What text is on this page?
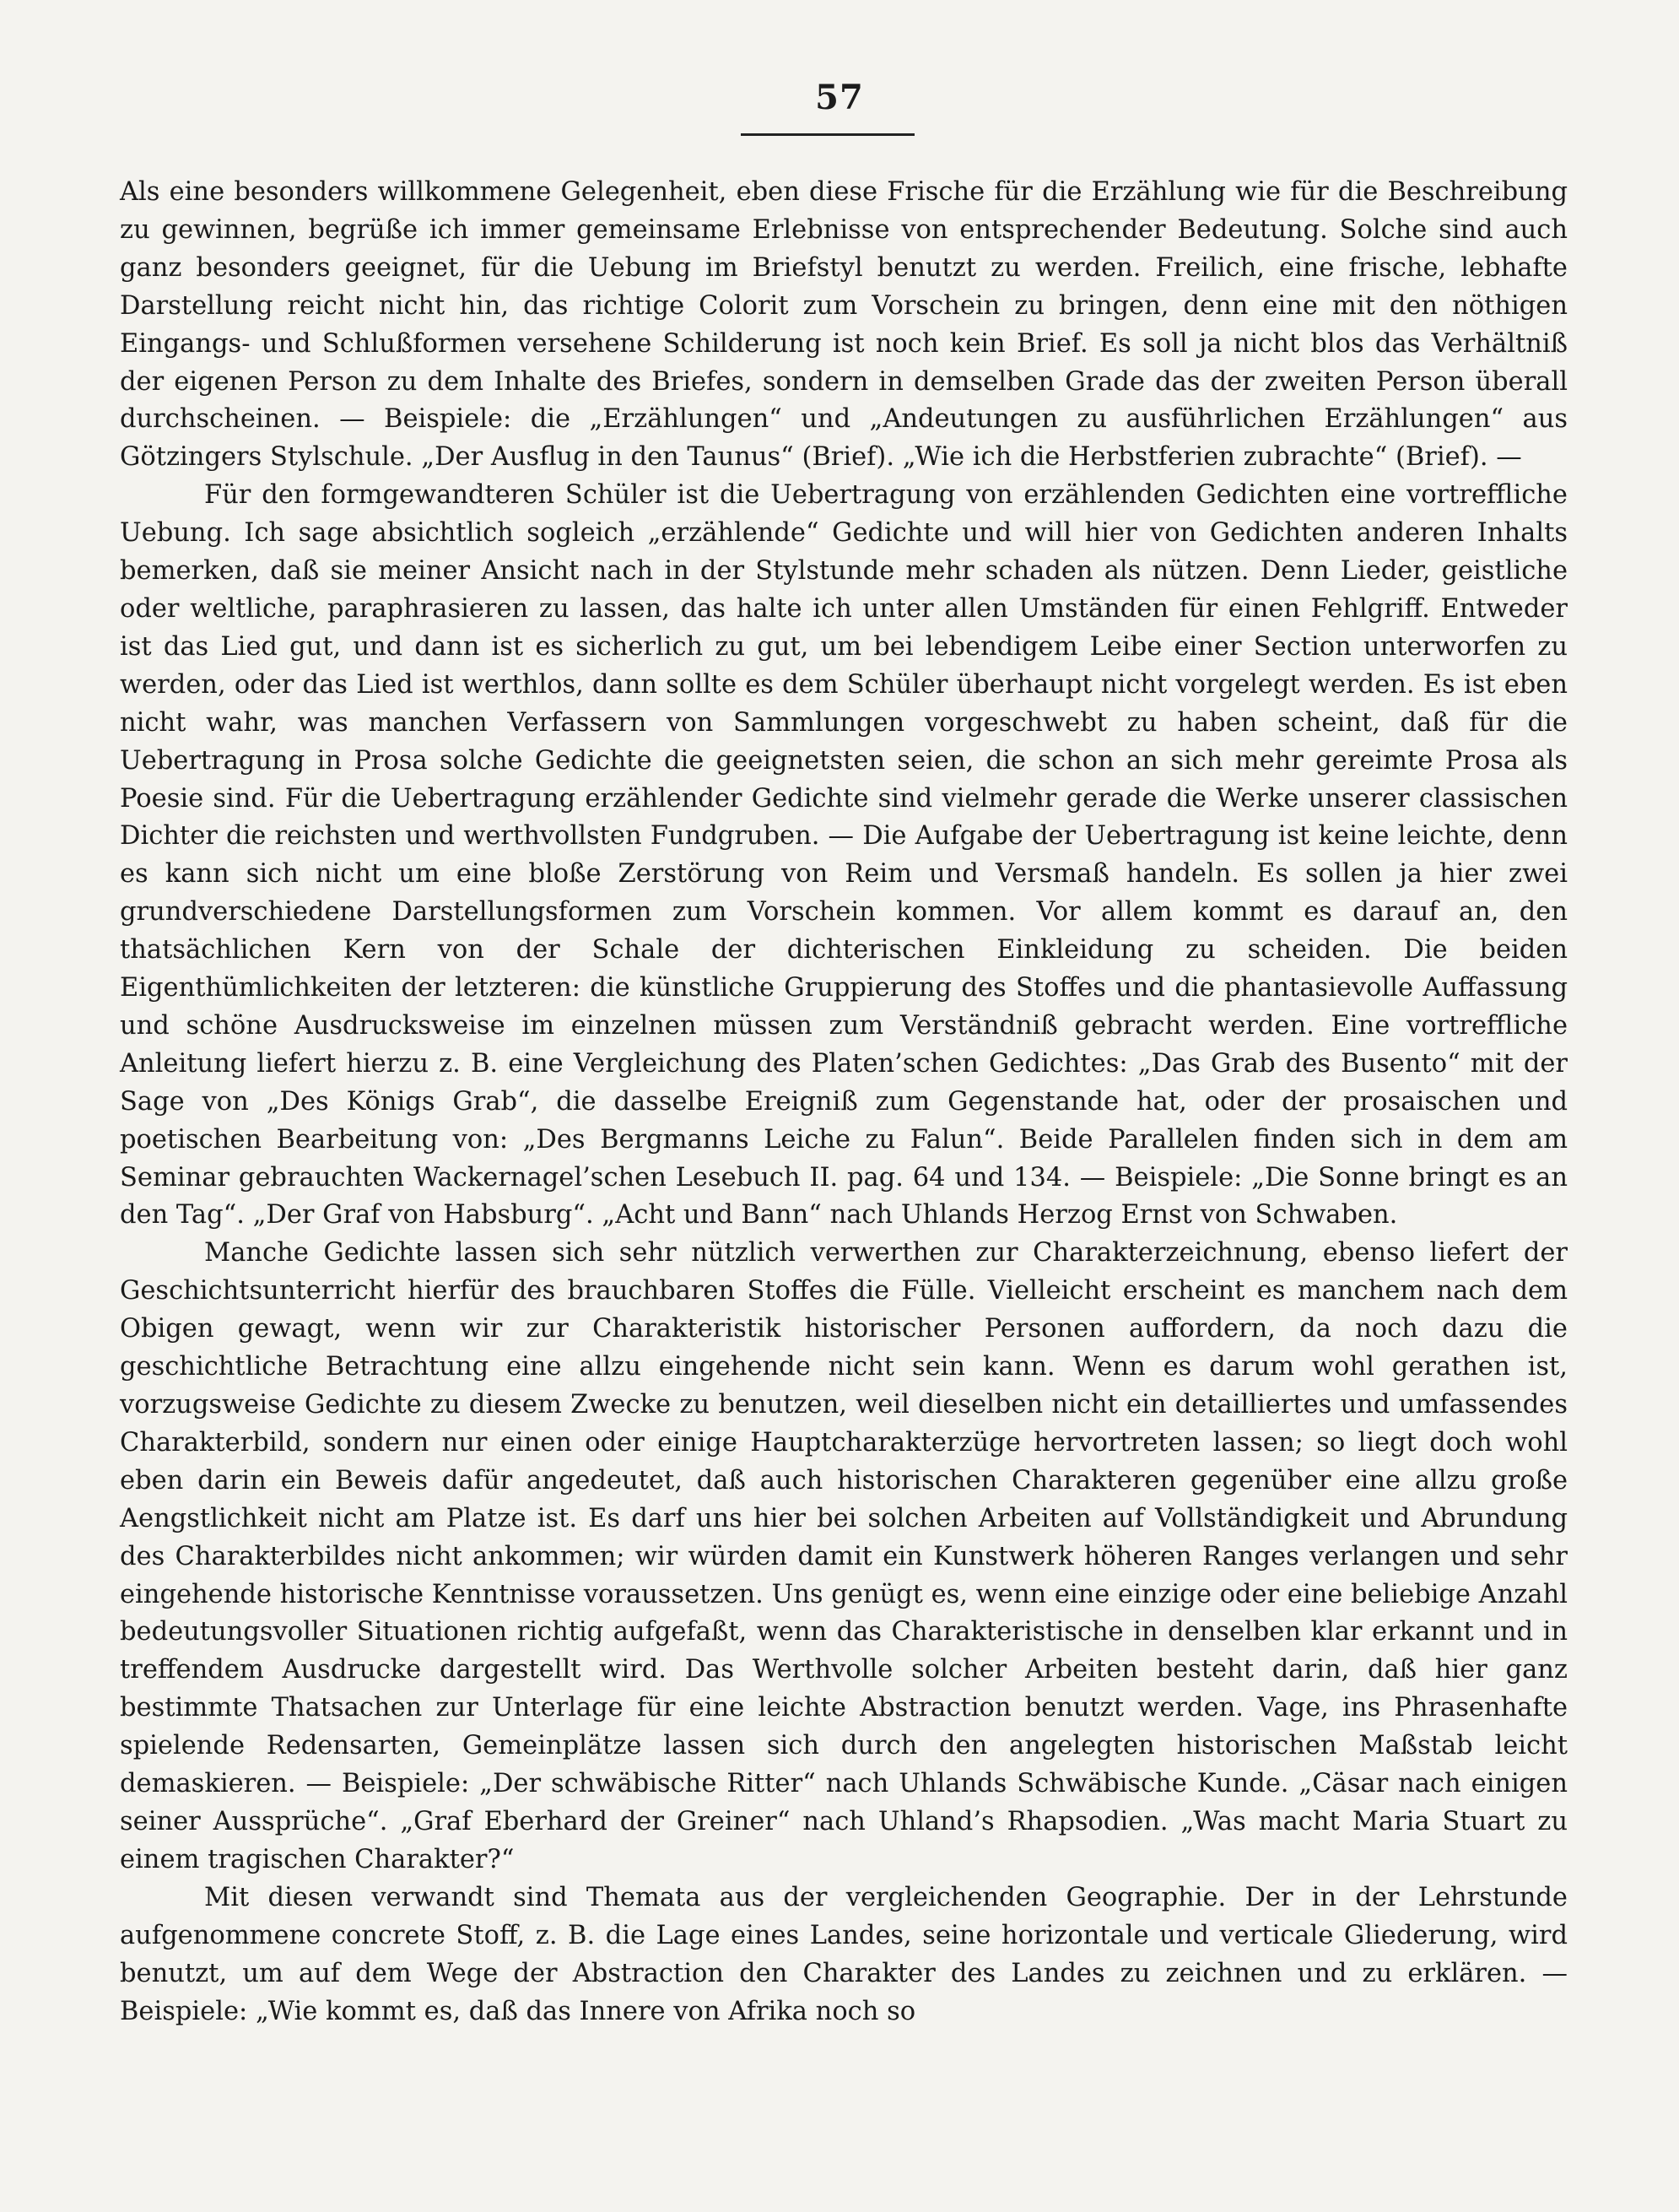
57

Als eine besonders willkommene Gelegenheit, eben diese Frische für die Erzählung wie für die Beschreibung zu gewinnen, begrüße ich immer gemeinsame Erlebnisse von entsprechender Bedeutung. Solche sind auch ganz besonders geeignet, für die Uebung im Briefstyl benutzt zu werden. Freilich, eine frische, lebhafte Darstellung reicht nicht hin, das richtige Colorit zum Vorschein zu bringen, denn eine mit den nöthigen Eingangs- und Schlußformen versehene Schilderung ist noch kein Brief. Es soll ja nicht blos das Verhältniß der eigenen Person zu dem Inhalte des Briefes, sondern in demselben Grade das der zweiten Person überall durchscheinen. — Beispiele: die „Erzählungen“ und „Andeutungen zu ausführlichen Erzählungen“ aus Götzingers Stylschule. „Der Ausflug in den Taunus“ (Brief). „Wie ich die Herbstferien zubrachte“ (Brief). —

Für den formgewandteren Schüler ist die Uebertragung von erzählenden Gedichten eine vortreffliche Uebung. Ich sage absichtlich sogleich „erzählende“ Gedichte und will hier von Gedichten anderen Inhalts bemerken, daß sie meiner Ansicht nach in der Stylstunde mehr schaden als nützen. Denn Lieder, geistliche oder weltliche, paraphrasieren zu lassen, das halte ich unter allen Umständen für einen Fehlgriff. Entweder ist das Lied gut, und dann ist es sicherlich zu gut, um bei lebendigem Leibe einer Section unterworfen zu werden, oder das Lied ist werthlos, dann sollte es dem Schüler überhaupt nicht vorgelegt werden. Es ist eben nicht wahr, was manchen Verfassern von Sammlungen vorgeschwebt zu haben scheint, daß für die Uebertragung in Prosa solche Gedichte die geeignetsten seien, die schon an sich mehr gereimte Prosa als Poesie sind. Für die Uebertragung erzählender Gedichte sind vielmehr gerade die Werke unserer classischen Dichter die reichsten und werthvollsten Fundgruben. — Die Aufgabe der Uebertragung ist keine leichte, denn es kann sich nicht um eine bloße Zerstörung von Reim und Versmaß handeln. Es sollen ja hier zwei grundverschiedene Darstellungsformen zum Vorschein kommen. Vor allem kommt es darauf an, den thatsächlichen Kern von der Schale der dichterischen Einkleidung zu scheiden. Die beiden Eigenthümlichkeiten der letzteren: die künstliche Gruppierung des Stoffes und die phantasievolle Auffassung und schöne Ausdrucksweise im einzelnen müssen zum Verständniß gebracht werden. Eine vortreffliche Anleitung liefert hierzu z. B. eine Vergleichung des Platen’schen Gedichtes: „Das Grab des Busento“ mit der Sage von „Des Königs Grab“, die dasselbe Ereigniß zum Gegenstande hat, oder der prosaischen und poetischen Bearbeitung von: „Des Bergmanns Leiche zu Falun“. Beide Parallelen finden sich in dem am Seminar gebrauchten Wackernagel’schen Lesebuch II. pag. 64 und 134. — Beispiele: „Die Sonne bringt es an den Tag“. „Der Graf von Habsburg“. „Acht und Bann“ nach Uhlands Herzog Ernst von Schwaben.

Manche Gedichte lassen sich sehr nützlich verwerthen zur Charakterzeichnung, ebenso liefert der Geschichtsunterricht hierfür des brauchbaren Stoffes die Fülle. Vielleicht erscheint es manchem nach dem Obigen gewagt, wenn wir zur Charakteristik historischer Personen auffordern, da noch dazu die geschichtliche Betrachtung eine allzu eingehende nicht sein kann. Wenn es darum wohl gerathen ist, vorzugsweise Gedichte zu diesem Zwecke zu benutzen, weil dieselben nicht ein detailliertes und umfassendes Charakterbild, sondern nur einen oder einige Hauptcharakterzüge hervortreten lassen; so liegt doch wohl eben darin ein Beweis dafür angedeutet, daß auch historischen Charakteren gegenüber eine allzu große Aengstlichkeit nicht am Platze ist. Es darf uns hier bei solchen Arbeiten auf Vollständigkeit und Abrundung des Charakterbildes nicht ankommen; wir würden damit ein Kunstwerk höheren Ranges verlangen und sehr eingehende historische Kenntnisse voraussetzen. Uns genügt es, wenn eine einzige oder eine beliebige Anzahl bedeutungsvoller Situationen richtig aufgefaßt, wenn das Charakteristische in denselben klar erkannt und in treffendem Ausdrucke dargestellt wird. Das Werthvolle solcher Arbeiten besteht darin, daß hier ganz bestimmte Thatsachen zur Unterlage für eine leichte Abstraction benutzt werden. Vage, ins Phrasenhafte spielende Redensarten, Gemeinplätze lassen sich durch den angelegten historischen Maßstab leicht demaskieren. — Beispiele: „Der schwäbische Ritter“ nach Uhlands Schwäbische Kunde. „Cäsar nach einigen seiner Aussprüche“. „Graf Eberhard der Greiner“ nach Uhland’s Rhapsodien. „Was macht Maria Stuart zu einem tragischen Charakter?“

Mit diesen verwandt sind Themata aus der vergleichenden Geographie. Der in der Lehrstunde aufgenommene concrete Stoff, z. B. die Lage eines Landes, seine horizontale und verticale Gliederung, wird benutzt, um auf dem Wege der Abstraction den Charakter des Landes zu zeichnen und zu erklären. — Beispiele: „Wie kommt es, daß das Innere von Afrika noch so
